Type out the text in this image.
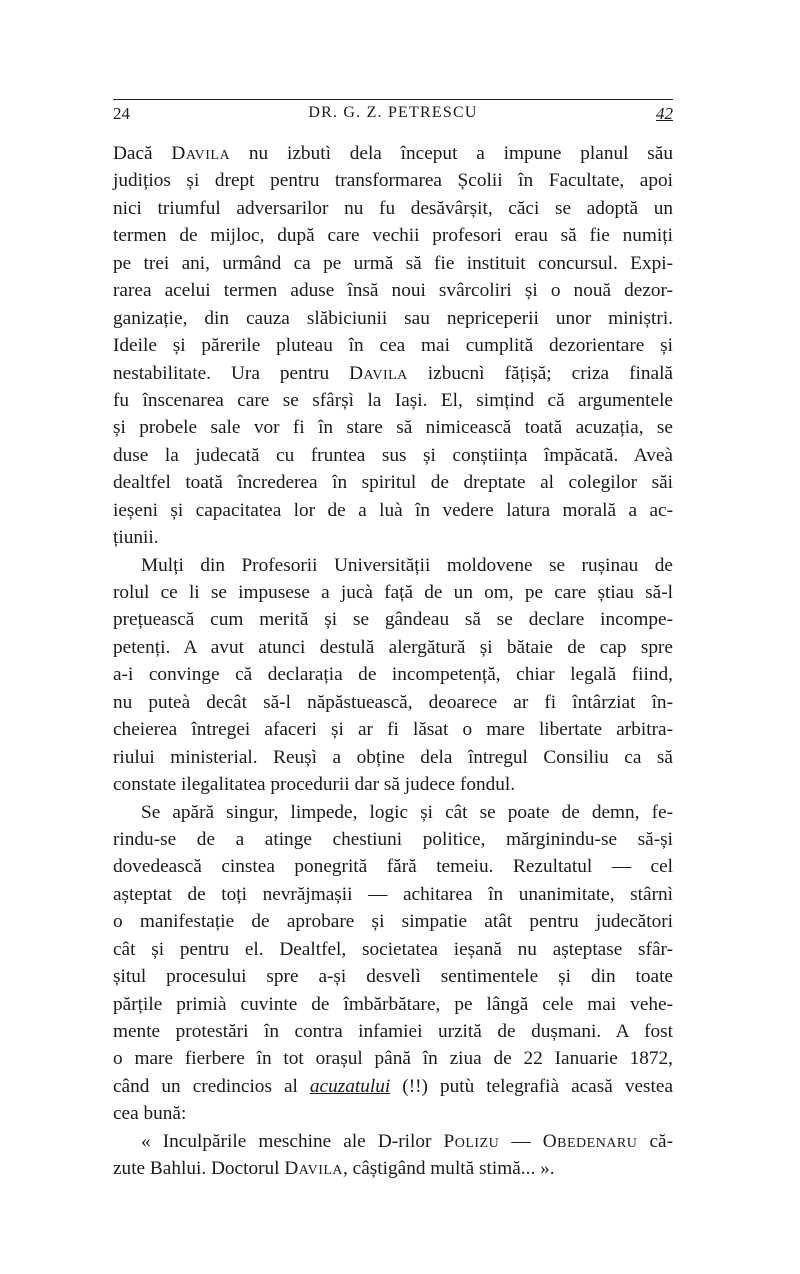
24	DR. G. Z. PETRESCU	42
Dacă Davila nu izbutì dela început a impune planul său
judițios și drept pentru transformarea Școlii în Facultate, apoi
nici triumful adversarilor nu fu desăvârșit, căci se adoptă un
termen de mijloc, după care vechii profesori erau să fie numiți
pe trei ani, urmând ca pe urmă să fie instituit concursul. Expi-
rarea acelui termen aduse însă noui svârcoliri și o nouă dezor-
ganizație, din cauza slăbiciunii sau nepriceperii unor miniștri.
Ideile și părerile pluteau în cea mai cumplită dezorientare și
nestabilitate. Ura pentru Davila izbucnì fățișă; criza finală
fu înscenarea care se sfârșì la Iași. El, simțind că argumentele
și probele sale vor fi în stare să nimicească toată acuzația, se
duse la judecată cu fruntea sus și conștiința împăcată. Aveà
dealtfel toată încrederea în spiritul de dreptate al colegilor săi
ieșeni și capacitatea lor de a luà în vedere latura morală a ac-
țiunii.
Mulți din Profesorii Universității moldovene se rușinau de
rolul ce li se impusese a jucà față de un om, pe care știau să-l
prețuească cum merită și se gândeau să se declare incompe-
petenți. A avut atunci destulă alergătură și bătaie de cap spre
a-i convinge că declarația de incompetență, chiar legală fiind,
nu puteà decât să-l năpăstuească, deoarece ar fi întârziat în-
cheierea întregei afaceri și ar fi lăsat o mare libertate arbitra-
riului ministerial. Reușì a obține dela întregul Consiliu ca să
constate ilegalitatea procedurii dar să judece fondul.
Se apără singur, limpede, logic și cât se poate de demn, fe-
rindu-se de a atinge chestiuni politice, mărginindu-se să-și
dovedească cinstea ponegrită fără temeiu. Rezultatul — cel
așteptat de toți nevrăjmașii — achitarea în unanimitate, stârnì
o manifestație de aprobare și simpatie atât pentru judecători
cât și pentru el. Dealtfel, societatea ieșană nu așteptase sfâr-
șitul procesului spre a-și desvelì sentimentele și din toate
părțile primià cuvinte de îmbărbătare, pe lângă cele mai vehe-
mente protestări în contra infamiei urzită de dușmani. A fost
o mare fierbere în tot orașul până în ziua de 22 Ianuarie 1872,
când un credincios al acuzatului (!!) putù telegrafià acasă vestea
cea bună:
« Inculpările meschine ale D-rilor Polizu — Obedenaru că-
zute Bahlui. Doctorul Davila, câștigând multă stimă... ».
